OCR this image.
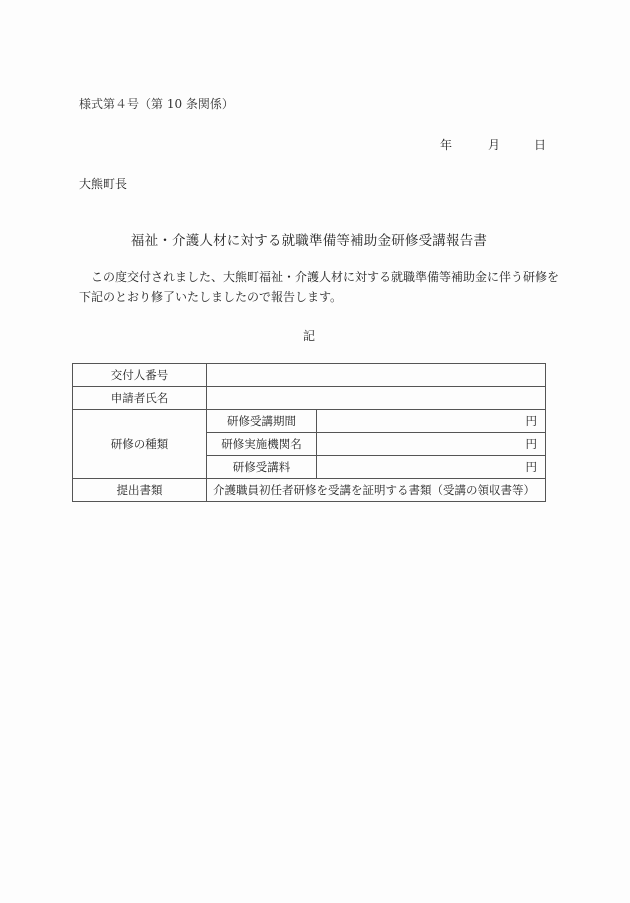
様式第４号（第 10 条関係）
年	月	日
大熊町長
福祉・介護人材に対する就職準備等補助金研修受講報告書

この度交付されました、大熊町福祉・介護人材に対する就職準備等補助金に伴う研修を
下記のとおり修了いたしましたので報告します。

記
交付人番号		
申請者氏名		
研修の種類	研修受講期間	円
	研修実施機関名	円
	研修受講料	円
提出書類	介護職員初任者研修を受講を証明する書類（受講の領収書等）	
